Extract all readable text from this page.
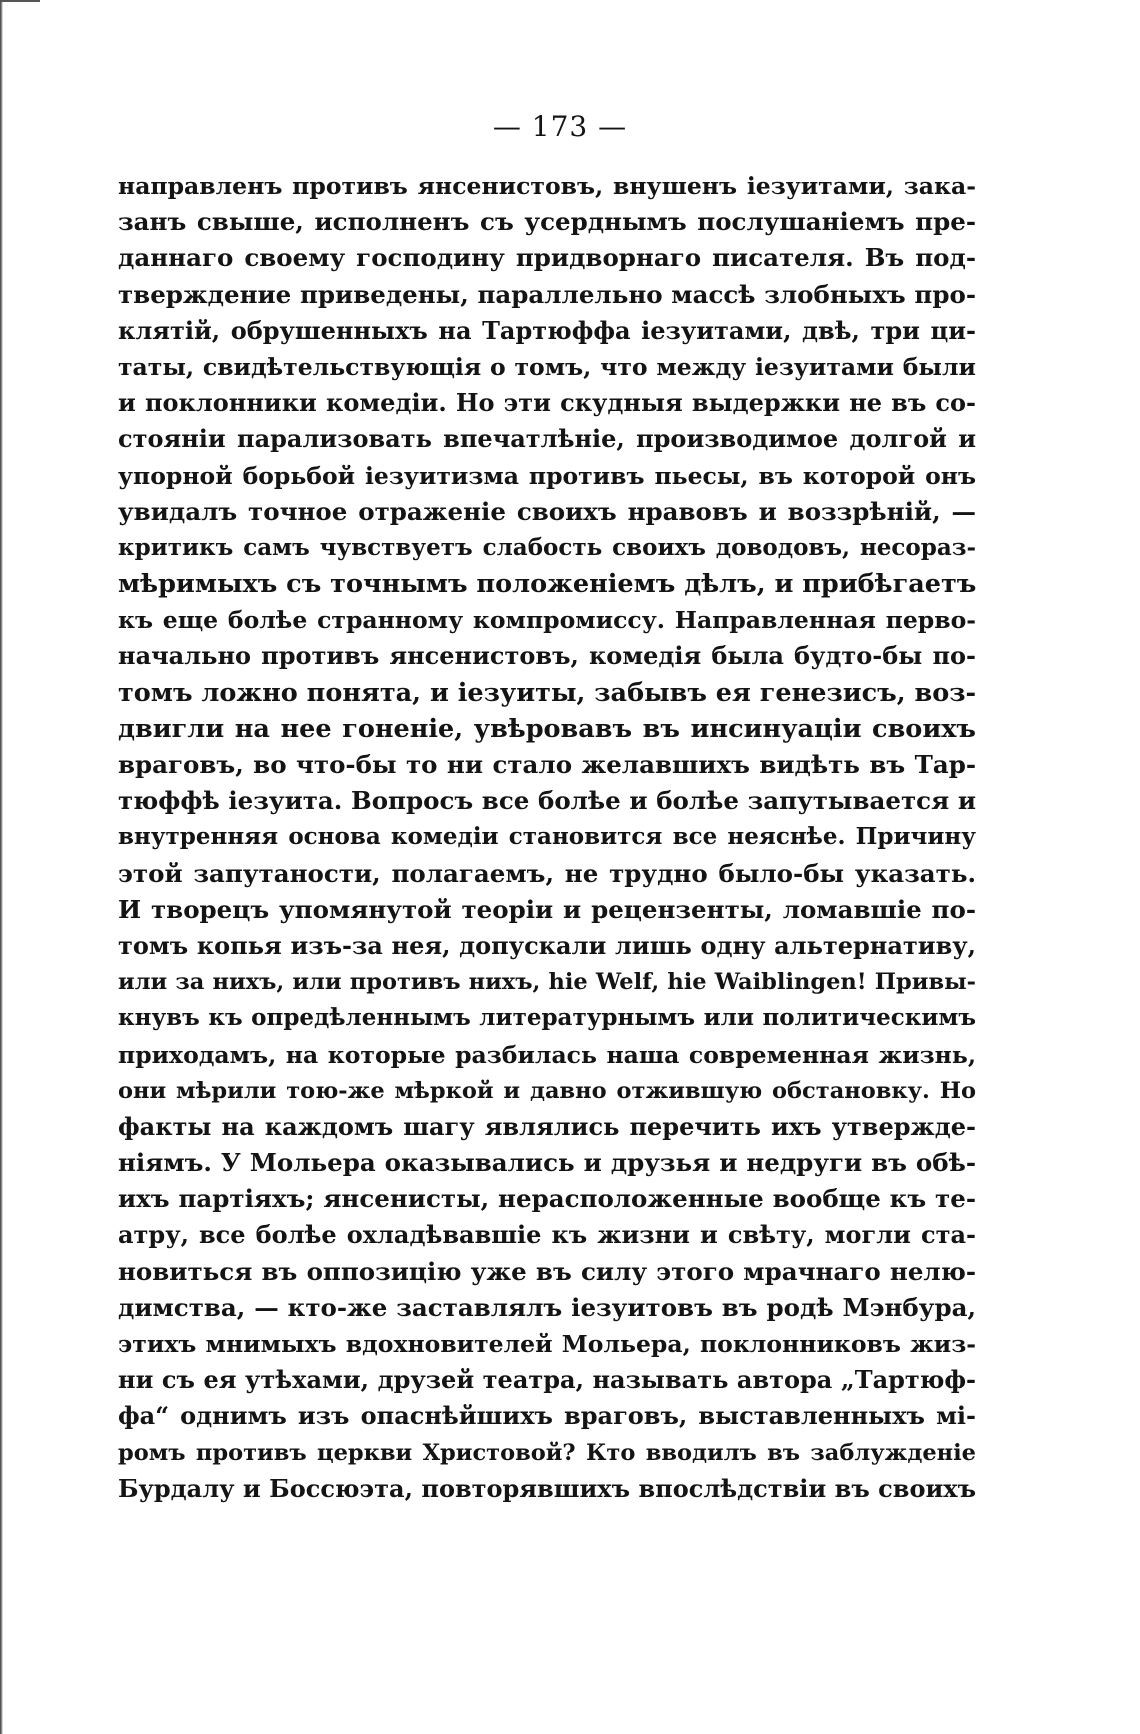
— 173 —
направленъ противъ янсенистовъ, внушенъ іезуитами, зака-
занъ свыше, исполненъ съ усерднымъ послушаніемъ пре-
даннаго своему господину придворнаго писателя. Въ под-
тверждение приведены, параллельно массѣ злобныхъ про-
клятій, обрушенныхъ на Тартюффа іезуитами, двѣ, три ци-
таты, свидѣтельствующія о томъ, что между іезуитами были
и поклонники комедіи. Но эти скудныя выдержки не въ со-
стояніи парализовать впечатлѣніе, производимое долгой и
упорной борьбой іезуитизма противъ пьесы, въ которой онъ
увидалъ точное отраженіе своихъ нравовъ и воззрѣній, —
критикъ самъ чувствуетъ слабость своихъ доводовъ, несораз-
мѣримыхъ съ точнымъ положеніемъ дѣлъ, и прибѣгаетъ
къ еще болѣе странному компромиссу. Направленная перво-
начально противъ янсенистовъ, комедія была будто-бы по-
томъ ложно понята, и іезуиты, забывъ ея генезисъ, воз-
двигли на нее гоненіе, увѣровавъ въ инсинуаціи своихъ
враговъ, во что-бы то ни стало желавшихъ видѣть въ Тар-
тюффѣ іезуита. Вопросъ все болѣе и болѣе запутывается и
внутренняя основа комедіи становится все неяснѣе. Причину
этой запутаности, полагаемъ, не трудно было-бы указать.
И творецъ упомянутой теоріи и рецензенты, ломавшіе по-
томъ копья изъ-за нея, допускали лишь одну альтернативу,
или за нихъ, или противъ нихъ, hie Welf, hie Waiblingen! Привы-
кнувъ къ опредѣленнымъ литературнымъ или политическимъ
приходамъ, на которые разбилась наша современная жизнь,
они мѣрили тою-же мѣркой и давно отжившую обстановку. Но
факты на каждомъ шагу являлись перечить ихъ утвержде-
ніямъ. У Мольера оказывались и друзья и недруги въ обѣ-
ихъ партіяхъ; янсенисты, нерасположенные вообще къ те-
атру, все болѣе охладѣвавшіе къ жизни и свѣту, могли ста-
новиться въ оппозицію уже въ силу этого мрачнаго нелю-
димства, — кто-же заставлялъ іезуитовъ въ родѣ Мэнбура,
этихъ мнимыхъ вдохновителей Мольера, поклонниковъ жиз-
ни съ ея утѣхами, друзей театра, называть автора „Тартюф-
фа“ однимъ изъ опаснѣйшихъ враговъ, выставленныхъ мі-
ромъ противъ церкви Христовой? Кто вводилъ въ заблужденіе
Бурдалу и Боссюэта, повторявшихъ впослѣдствіи въ своихъ
